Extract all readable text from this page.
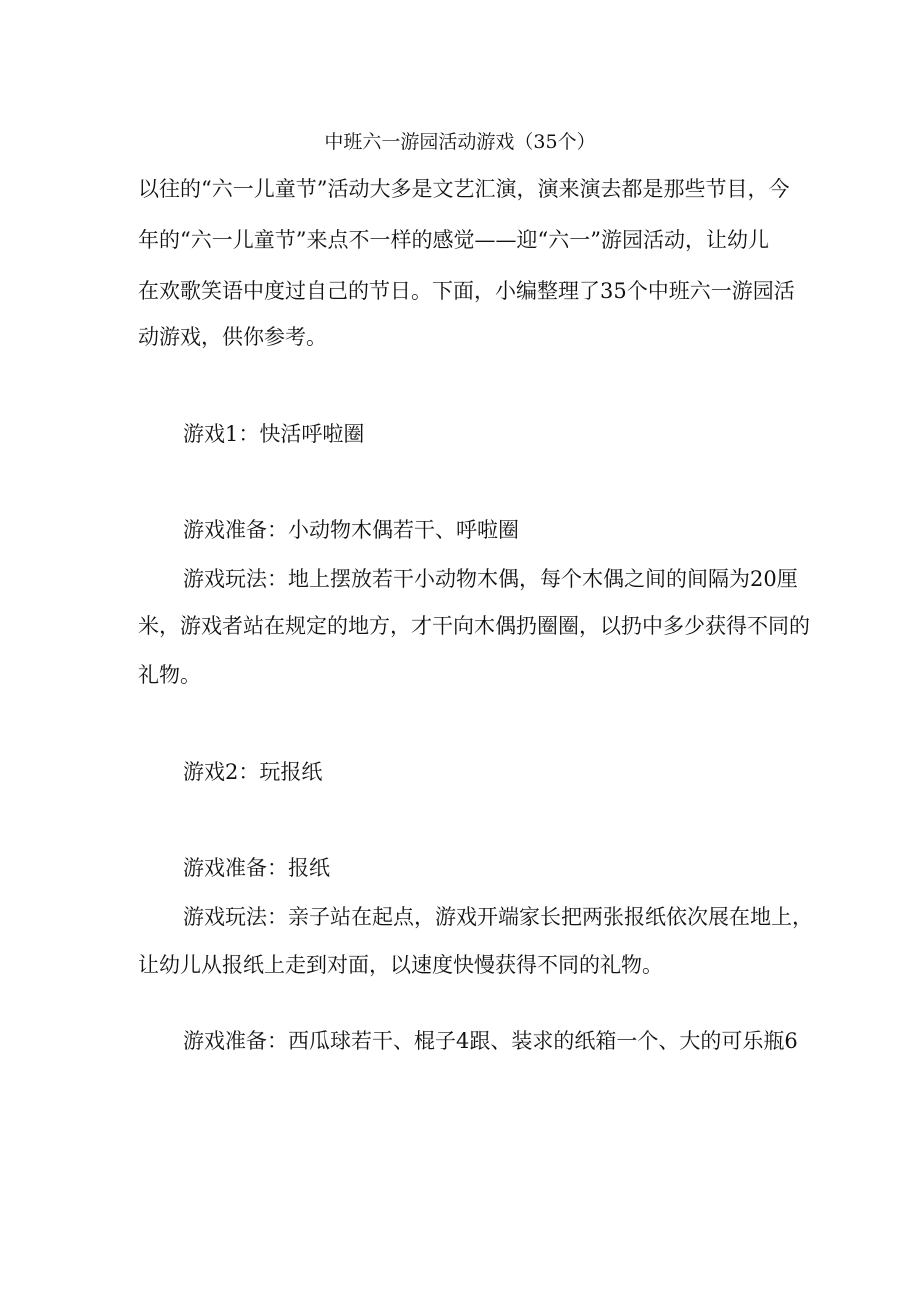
中班六一游园活动游戏（35个）
以往的“六一儿童节”活动大多是文艺汇演，演来演去都是那些节目，今
年的“六一儿童节”来点不一样的感觉——迎“六一”游园活动，让幼儿
在欢歌笑语中度过自己的节日。下面，小编整理了35个中班六一游园活
动游戏，供你参考。
游戏1：快活呼啦圈
游戏准备：小动物木偶若干、呼啦圈
游戏玩法：地上摆放若干小动物木偶，每个木偶之间的间隔为20厘
米，游戏者站在规定的地方，才干向木偶扔圈圈，以扔中多少获得不同的
礼物。
游戏2：玩报纸
游戏准备：报纸
游戏玩法：亲子站在起点，游戏开端家长把两张报纸依次展在地上，
让幼儿从报纸上走到对面，以速度快慢获得不同的礼物。
游戏准备：西瓜球若干、棍子4跟、装求的纸箱一个、大的可乐瓶6
